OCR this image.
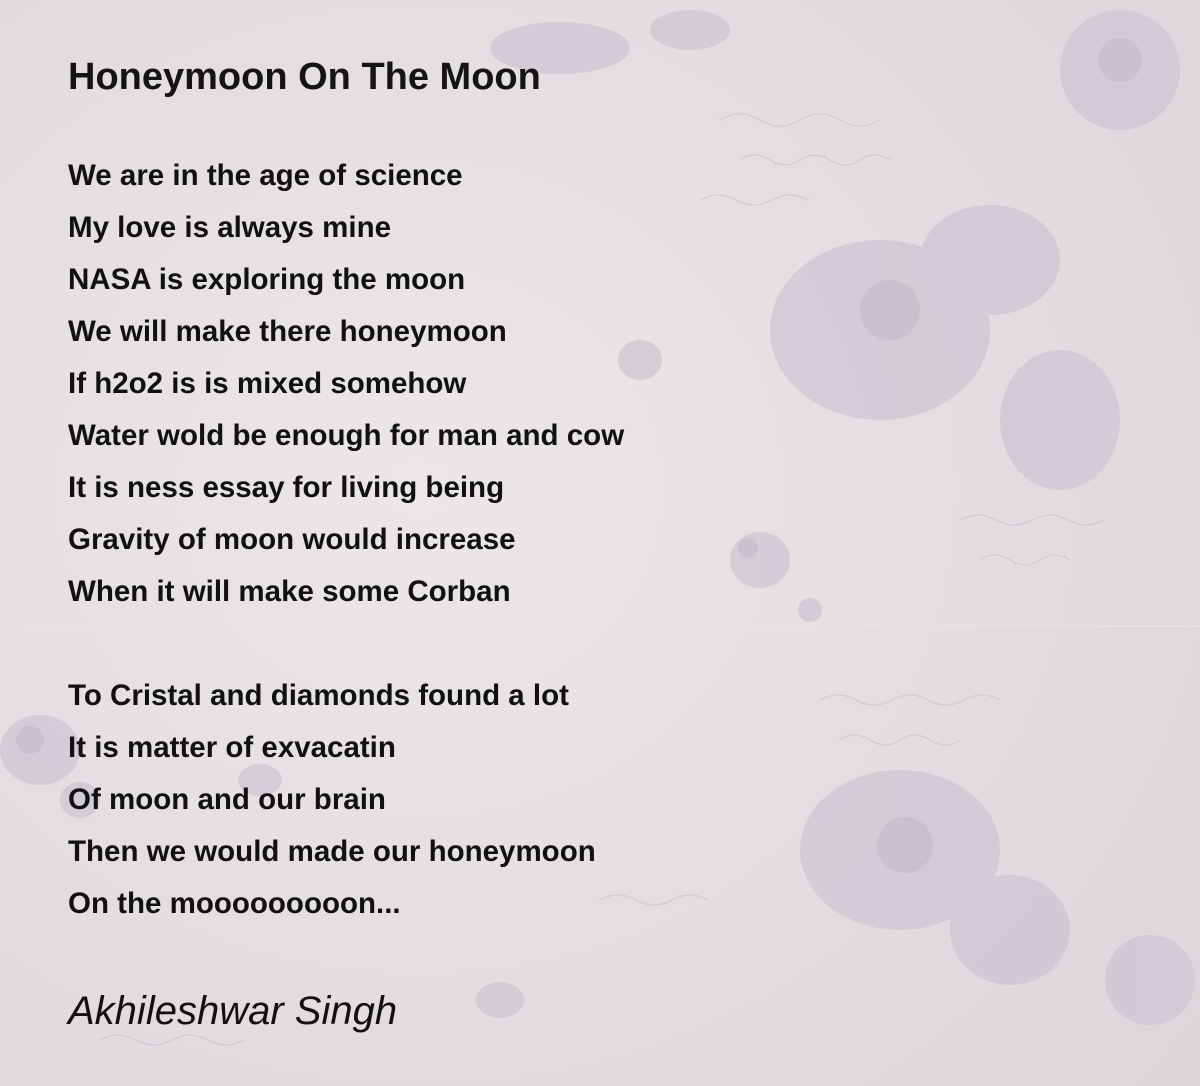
Honeymoon On The Moon
We are in the age of science
My love is always mine
NASA is exploring the moon
We will make there honeymoon
If h2o2 is is mixed somehow
Water wold be enough for man and cow
It is ness essay for living being
Gravity of moon would increase
When it will make some Corban
To Cristal and diamonds found a lot
It is matter of exvacatin
Of moon and our brain
Then we would made our honeymoon
On the mooooooooon...

Akhileshwar Singh
